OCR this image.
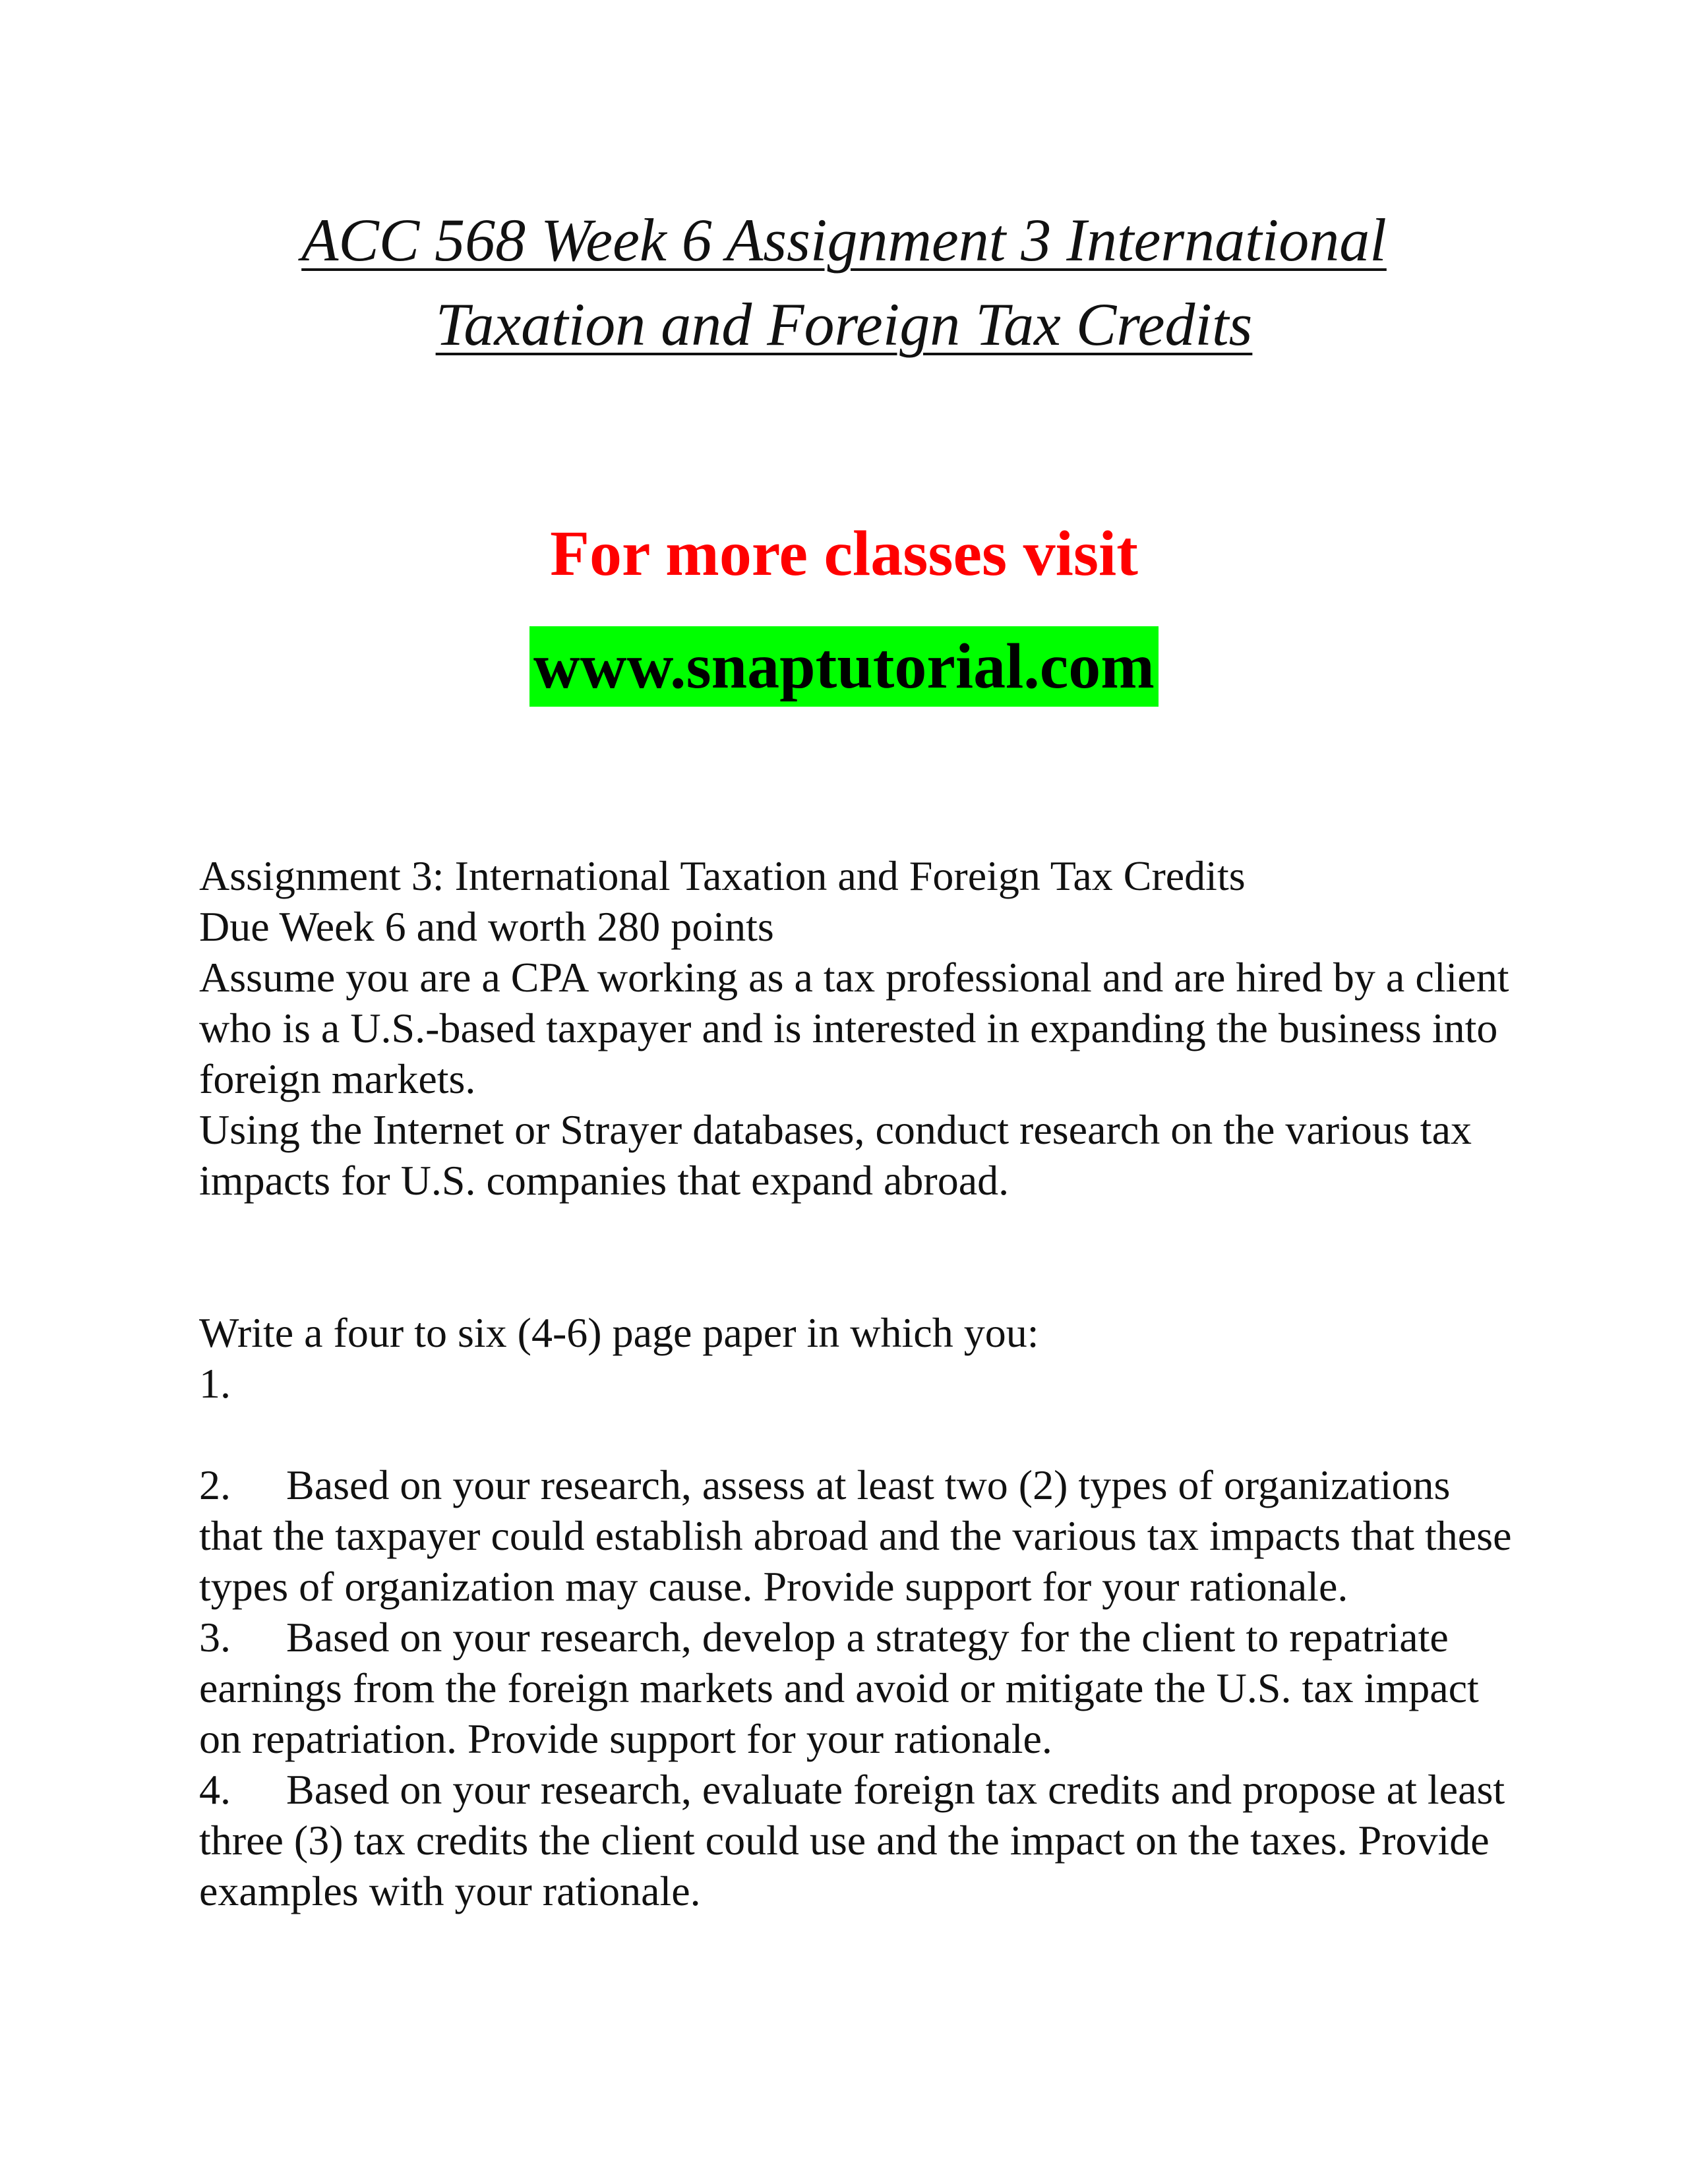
ACC 568 Week 6 Assignment 3 International
Taxation and Foreign Tax Credits

For more classes visit

www.snaptutorial.com

Assignment 3: International Taxation and Foreign Tax Credits

Due Week 6 and worth 280 points

Assume you are a CPA working as a tax professional and are hired by a client who is a U.S.-based taxpayer and is interested in expanding the business into foreign markets.

Using the Internet or Strayer databases, conduct research on the various tax impacts for U.S. companies that expand abroad.

Write a four to six (4-6) page paper in which you:

1.

2. Based on your research, assess at least two (2) types of organizations that the taxpayer could establish abroad and the various tax impacts that these types of organization may cause. Provide support for your rationale.

3. Based on your research, develop a strategy for the client to repatriate earnings from the foreign markets and avoid or mitigate the U.S. tax impact on repatriation. Provide support for your rationale.

4. Based on your research, evaluate foreign tax credits and propose at least three (3) tax credits the client could use and the impact on the taxes. Provide examples with your rationale.
